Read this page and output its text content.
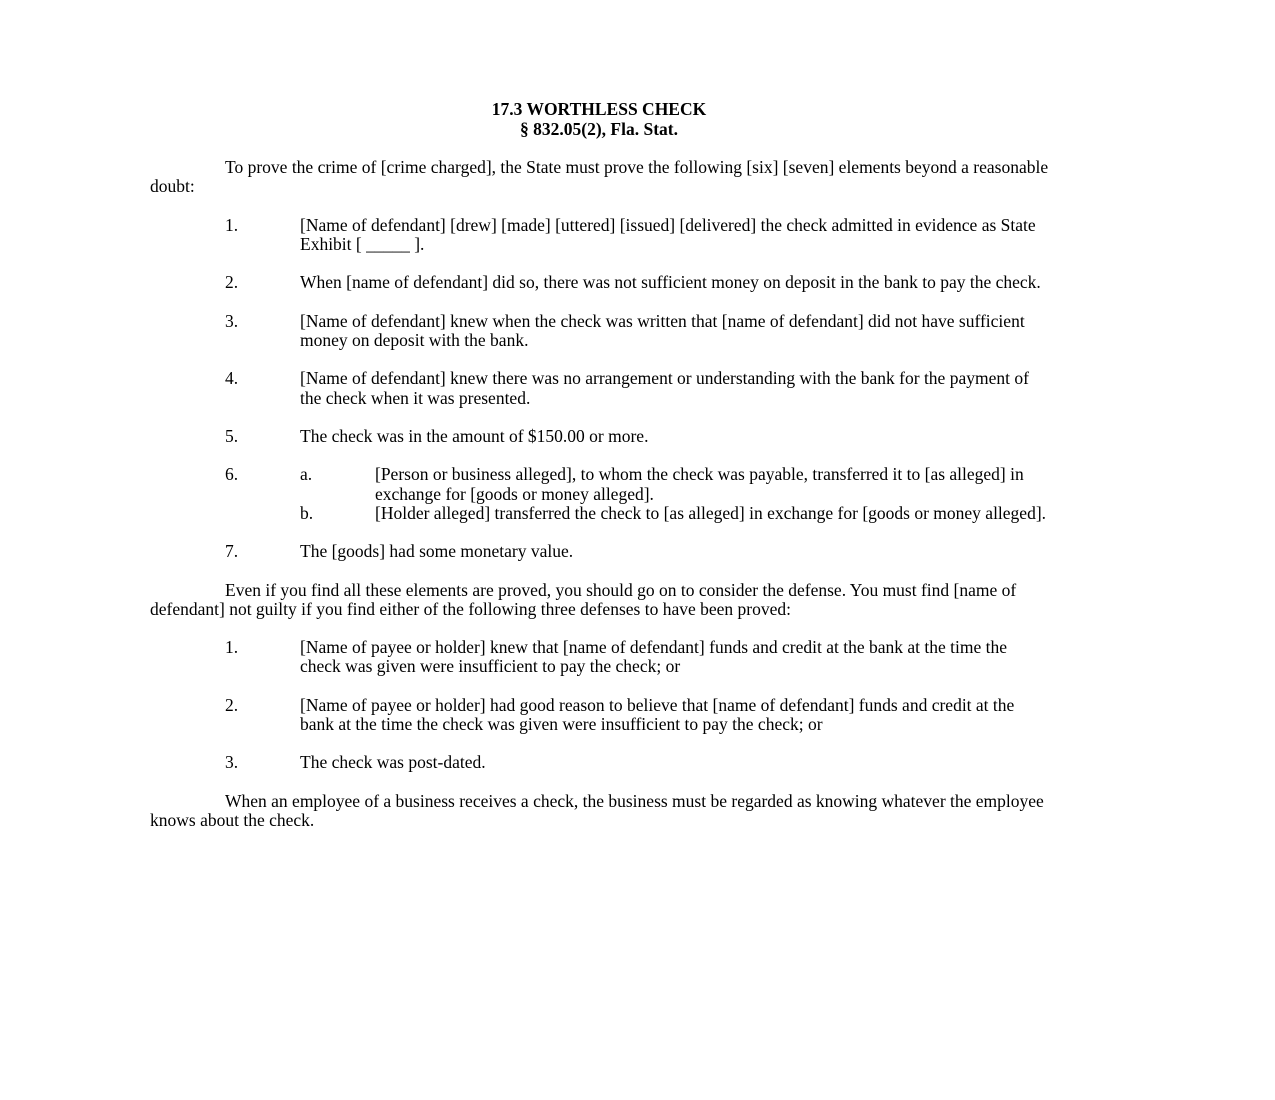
17.3 WORTHLESS CHECK
§ 832.05(2), Fla. Stat.

To prove the crime of [crime charged], the State must prove the following [six] [seven] elements beyond a reasonable doubt:

1.	[Name of defendant] [drew] [made] [uttered] [issued] [delivered] the check admitted in evidence as State Exhibit [ _____ ].
2.	When [name of defendant] did so, there was not sufficient money on deposit in the bank to pay the check.
3.	[Name of defendant] knew when the check was written that [name of defendant] did not have sufficient money on deposit with the bank.
4.	[Name of defendant] knew there was no arrangement or understanding with the bank for the payment of the check when it was presented.
5.	The check was in the amount of $150.00 or more.
6.	a.	[Person or business alleged], to whom the check was payable, transferred it to [as alleged] in exchange for [goods or money alleged].
b.	[Holder alleged] transferred the check to [as alleged] in exchange for [goods or money alleged].
7.	The [goods] had some monetary value.

Even if you find all these elements are proved, you should go on to consider the defense. You must find [name of defendant] not guilty if you find either of the following three defenses to have been proved:

1.	[Name of payee or holder] knew that [name of defendant] funds and credit at the bank at the time the check was given were insufficient to pay the check; or
2.	[Name of payee or holder] had good reason to believe that [name of defendant] funds and credit at the bank at the time the check was given were insufficient to pay the check; or
3.	The check was post-dated.

When an employee of a business receives a check, the business must be regarded as knowing whatever the employee knows about the check.
